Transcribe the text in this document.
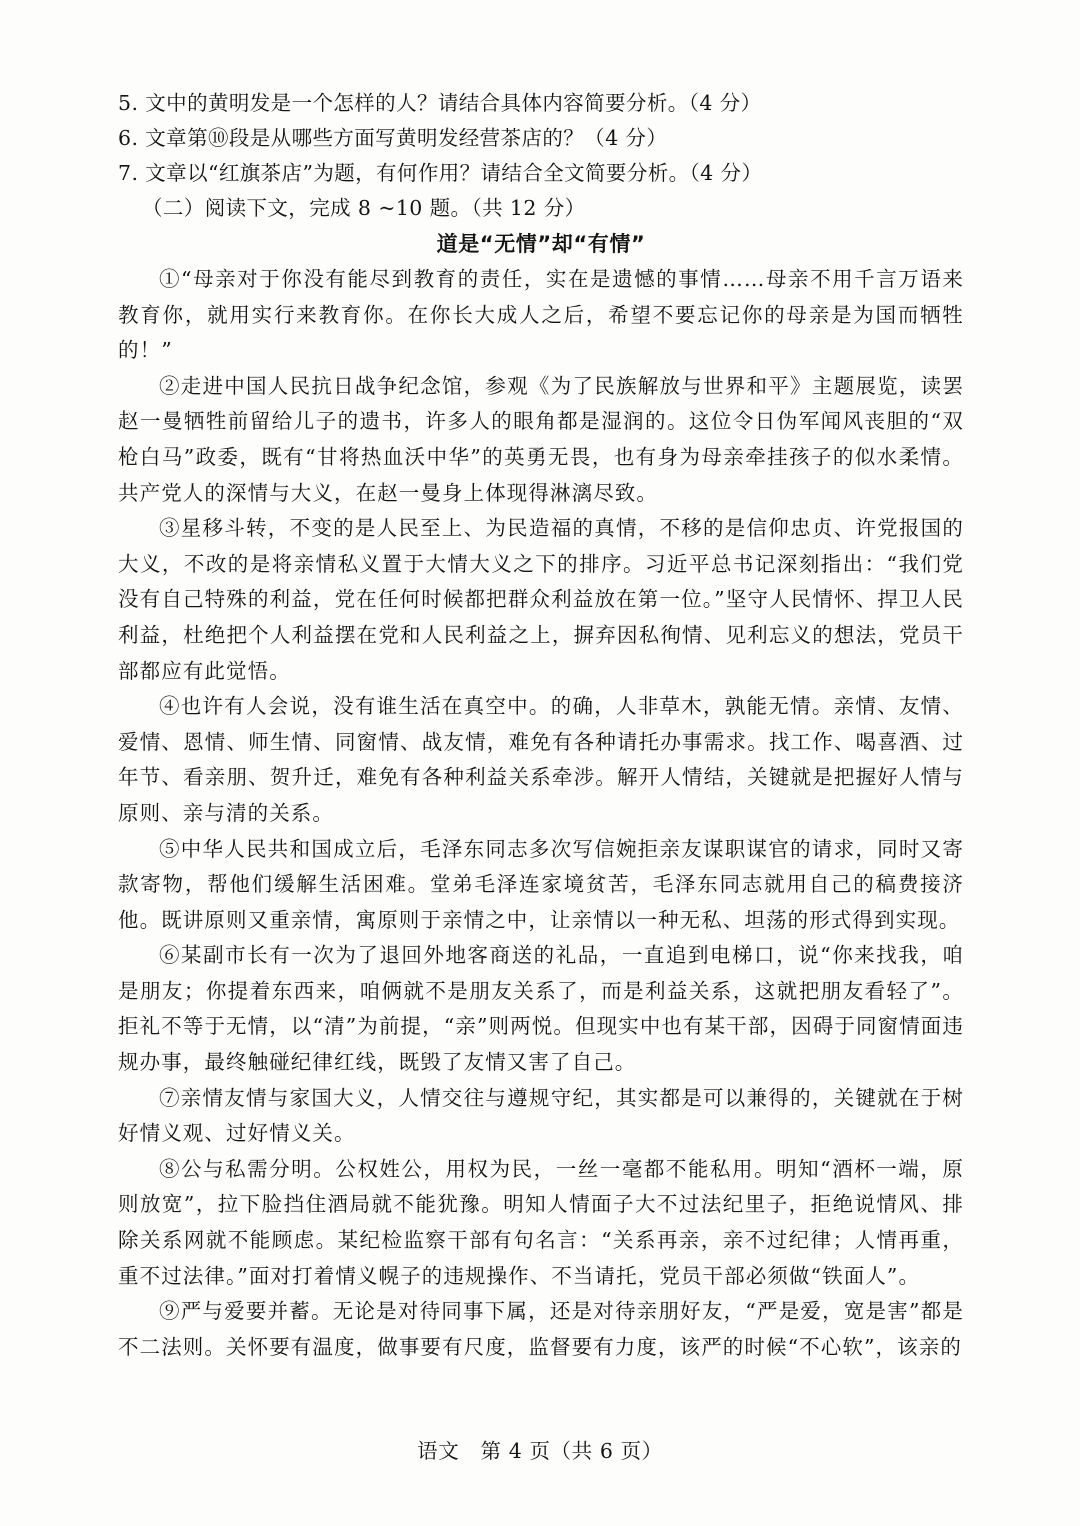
5. 文中的黄明发是一个怎样的人？请结合具体内容简要分析。（4 分）
6. 文章第⑩段是从哪些方面写黄明发经营茶店的？（4 分）
7. 文章以“红旗茶店”为题，有何作用？请结合全文简要分析。（4 分）
（二）阅读下文，完成 8 ~10 题。（共 12 分）
道是“无情”却“有情”

①“母亲对于你没有能尽到教育的责任，实在是遗憾的事情……母亲不用千言万语来教育你，就用实行来教育你。在你长大成人之后，希望不要忘记你的母亲是为国而牺牲的！”

②走进中国人民抗日战争纪念馆，参观《为了民族解放与世界和平》主题展览，读罢赵一曼牺牲前留给儿子的遗书，许多人的眼角都是湿润的。这位令日伪军闻风丧胆的“双枪白马”政委，既有“甘将热血沃中华”的英勇无畏，也有身为母亲牵挂孩子的似水柔情。共产党人的深情与大义，在赵一曼身上体现得淋漓尽致。

③星移斗转，不变的是人民至上、为民造福的真情，不移的是信仰忠贞、许党报国的大义，不改的是将亲情私义置于大情大义之下的排序。习近平总书记深刻指出：“我们党没有自己特殊的利益，党在任何时候都把群众利益放在第一位。”坚守人民情怀、捍卫人民利益，杜绝把个人利益摆在党和人民利益之上，摒弃因私徇情、见利忘义的想法，党员干部都应有此觉悟。

④也许有人会说，没有谁生活在真空中。的确，人非草木，孰能无情。亲情、友情、爱情、恩情、师生情、同窗情、战友情，难免有各种请托办事需求。找工作、喝喜酒、过年节、看亲朋、贺升迁，难免有各种利益关系牵涉。解开人情结，关键就是把握好人情与原则、亲与清的关系。

⑤中华人民共和国成立后，毛泽东同志多次写信婉拒亲友谋职谋官的请求，同时又寄款寄物，帮他们缓解生活困难。堂弟毛泽连家境贫苦，毛泽东同志就用自己的稿费接济他。既讲原则又重亲情，寓原则于亲情之中，让亲情以一种无私、坦荡的形式得到实现。

⑥某副市长有一次为了退回外地客商送的礼品，一直追到电梯口，说“你来找我，咱是朋友；你提着东西来，咱俩就不是朋友关系了，而是利益关系，这就把朋友看轻了”。拒礼不等于无情，以“清”为前提，“亲”则两悦。但现实中也有某干部，因碍于同窗情面违规办事，最终触碰纪律红线，既毁了友情又害了自己。

⑦亲情友情与家国大义，人情交往与遵规守纪，其实都是可以兼得的，关键就在于树好情义观、过好情义关。

⑧公与私需分明。公权姓公，用权为民，一丝一毫都不能私用。明知“酒杯一端，原则放宽”，拉下脸挡住酒局就不能犹豫。明知人情面子大不过法纪里子，拒绝说情风、排除关系网就不能顾虑。某纪检监察干部有句名言：“关系再亲，亲不过纪律；人情再重，重不过法律。”面对打着情义幌子的违规操作、不当请托，党员干部必须做“铁面人”。

⑨严与爱要并蓄。无论是对待同事下属，还是对待亲朋好友，“严是爱，宽是害”都是不二法则。关怀要有温度，做事要有尺度，监督要有力度，该严的时候“不心软”，该亲的

语文　第 4 页（共 6 页）
